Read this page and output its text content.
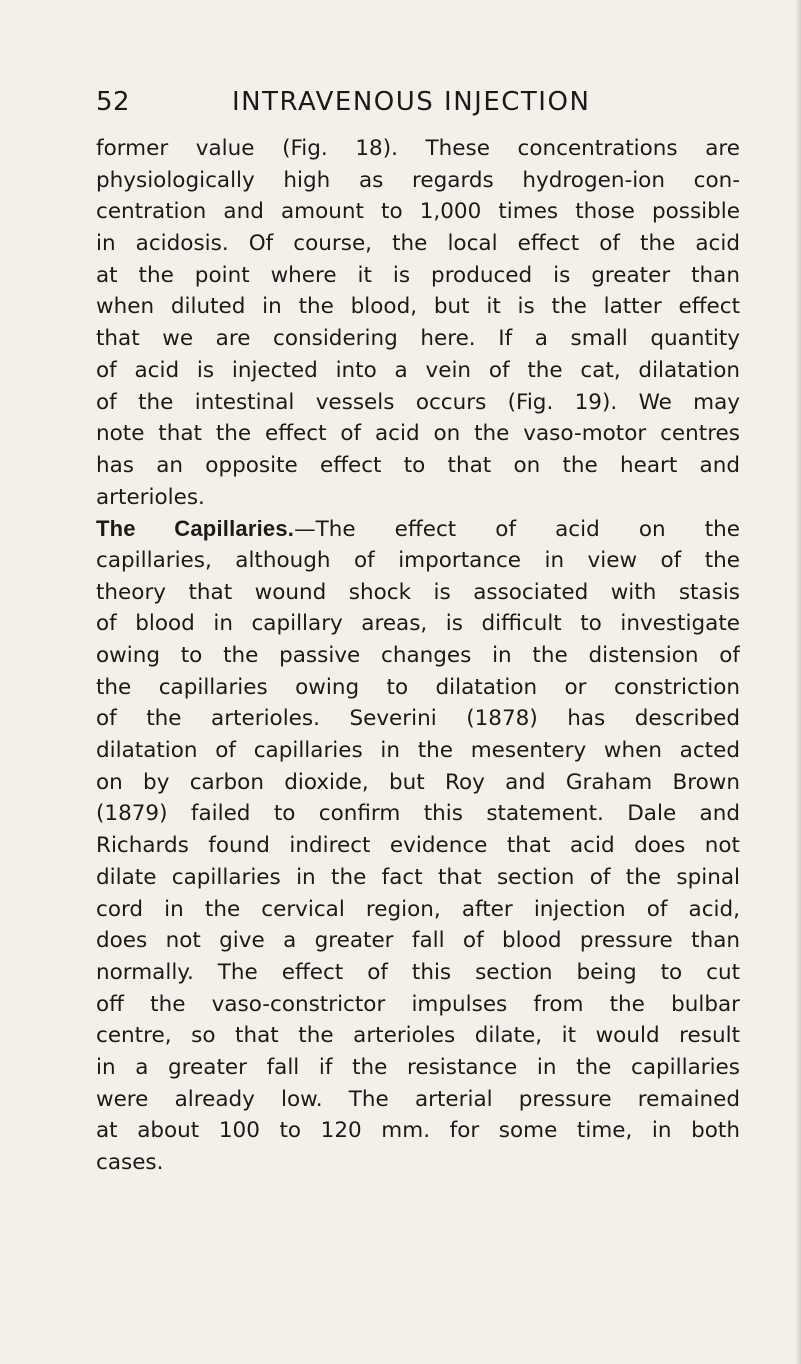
52	INTRAVENOUS INJECTION
former value (Fig. 18). These concentrations are
physiologically high as regards hydrogen-ion con-
centration and amount to 1,000 times those possible
in acidosis. Of course, the local effect of the acid
at the point where it is produced is greater than
when diluted in the blood, but it is the latter effect
that we are considering here. If a small quantity
of acid is injected into a vein of the cat, dilatation
of the intestinal vessels occurs (Fig. 19). We may
note that the effect of acid on the vaso-motor centres
has an opposite effect to that on the heart and
arterioles.
The Capillaries.—The effect of acid on the
capillaries, although of importance in view of the
theory that wound shock is associated with stasis
of blood in capillary areas, is difficult to investigate
owing to the passive changes in the distension of
the capillaries owing to dilatation or constriction
of the arterioles. Severini (1878) has described
dilatation of capillaries in the mesentery when acted
on by carbon dioxide, but Roy and Graham Brown
(1879) failed to confirm this statement. Dale and
Richards found indirect evidence that acid does not
dilate capillaries in the fact that section of the spinal
cord in the cervical region, after injection of acid,
does not give a greater fall of blood pressure than
normally. The effect of this section being to cut
off the vaso-constrictor impulses from the bulbar
centre, so that the arterioles dilate, it would result
in a greater fall if the resistance in the capillaries
were already low. The arterial pressure remained
at about 100 to 120 mm. for some time, in both
cases.
